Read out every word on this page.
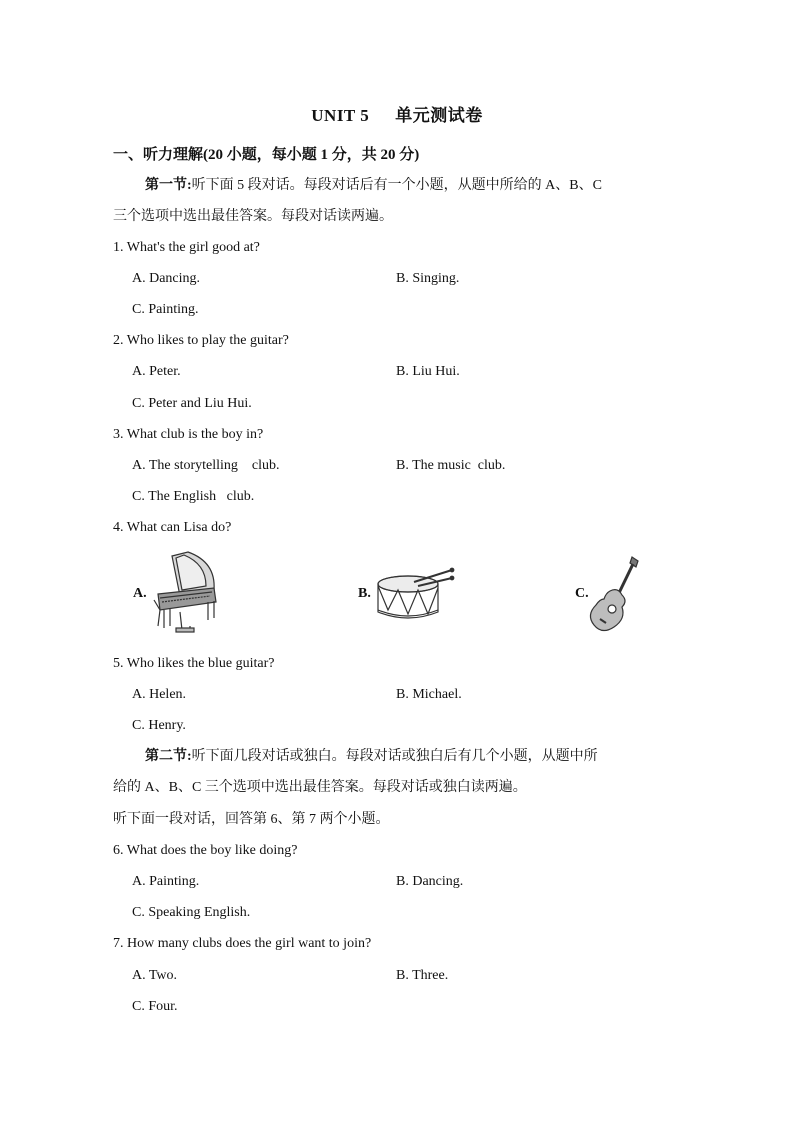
UNIT 5 单元测试卷
一、听力理解(20 小题，每小题 1 分，共 20 分)
第一节:听下面 5 段对话。每段对话后有一个小题，从题中所给的 A、B、C
三个选项中选出最佳答案。每段对话读两遍。
1. What's the girl good at?
A. Dancing.	B. Singing.
C. Painting.
2. Who likes to play the guitar?
A. Peter.	B. Liu Hui.
C. Peter and Liu Hui.
3. What club is the boy in?
A. The storytelling    club.	B. The music  club.
C. The English   club.
4. What can Lisa do?
A.	B.	C.
5. Who likes the blue guitar?
A. Helen.	B. Michael.
C. Henry.
第二节:听下面几段对话或独白。每段对话或独白后有几个小题，从题中所
给的 A、B、C 三个选项中选出最佳答案。每段对话或独白读两遍。
听下面一段对话，回答第 6、第 7 两个小题。
6. What does the boy like doing?
A. Painting.	B. Dancing.
C. Speaking English.
7. How many clubs does the girl want to join?
A. Two.	B. Three.
C. Four.
